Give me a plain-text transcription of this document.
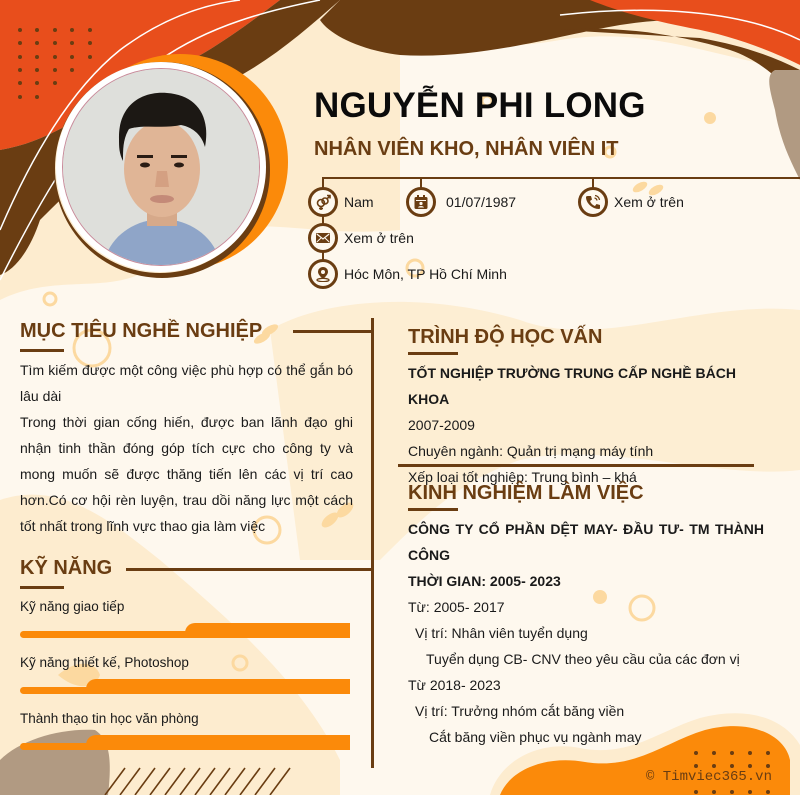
NGUYỄN PHI LONG
NHÂN VIÊN KHO, NHÂN VIÊN IT
Nam	01/07/1987	Xem ở trên
Xem ở trên
Hóc Môn, TP Hồ Chí Minh
MỤC TIÊU NGHỀ NGHIỆP

Tìm kiếm được một công việc phù hợp có thể gắn bó lâu dài

Trong thời gian cống hiến, được ban lãnh đạo ghi nhận tinh thần đóng góp tích cực cho công ty và mong muốn sẽ được thăng tiến lên các vị trí cao hơn.Có cơ hội rèn luyện, trau dồi năng lực một cách tốt nhất trong lĩnh vực thao gia làm việc

KỸ NĂNG
Kỹ năng giao tiếp
Kỹ năng thiết kế, Photoshop
Thành thạo tin học văn phòng
TRÌNH ĐỘ HỌC VẤN
TỐT NGHIỆP TRƯỜNG TRUNG CẤP NGHỀ BÁCH KHOA
2007-2009
Chuyên ngành: Quản trị mạng máy tính
Xếp loại tốt nghiệp: Trung bình – khá
KINH NGHIỆM LÀM VIỆC
CÔNG TY CỔ PHẦN DỆT MAY- ĐẦU TƯ- TM THÀNH CÔNG
THỜI GIAN: 2005- 2023
Từ: 2005- 2017
Vị trí: Nhân viên tuyển dụng
Tuyển dụng CB- CNV theo yêu cầu của các đơn vị
Từ 2018- 2023
Vị trí: Trưởng nhóm cắt băng viền
Cắt băng viền phục vụ ngành may
© Timviec365.vn
